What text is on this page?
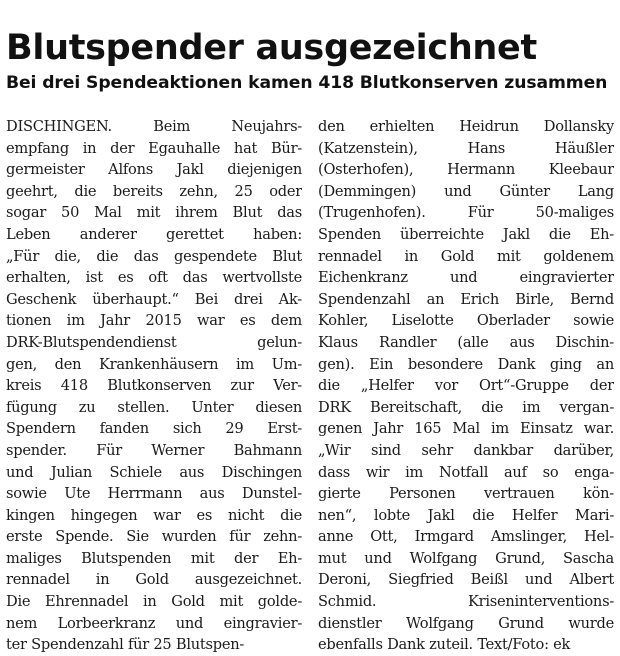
Blutspender ausgezeichnet
Bei drei Spendeaktionen kamen 418 Blutkonserven zusammen
DISCHINGEN. Beim Neujahrs-
empfang in der Egauhalle hat Bür-
germeister Alfons Jakl diejenigen
geehrt, die bereits zehn, 25 oder
sogar 50 Mal mit ihrem Blut das
Leben anderer gerettet haben:
„Für die, die das gespendete Blut
erhalten, ist es oft das wertvollste
Geschenk überhaupt.“ Bei drei Ak-
tionen im Jahr 2015 war es dem
DRK-Blutspendendienst gelun-
gen, den Krankenhäusern im Um-
kreis 418 Blutkonserven zur Ver-
fügung zu stellen. Unter diesen
Spendern fanden sich 29 Erst-
spender. Für Werner Bahmann
und Julian Schiele aus Dischingen
sowie Ute Herrmann aus Dunstel-
kingen hingegen war es nicht die
erste Spende. Sie wurden für zehn-
maliges Blutspenden mit der Eh-
rennadel in Gold ausgezeichnet.
Die Ehrennadel in Gold mit golde-
nem Lorbeerkranz und eingravier-
ter Spendenzahl für 25 Blutspen-
den erhielten Heidrun Dollansky
(Katzenstein), Hans Häußler
(Osterhofen), Hermann Kleebaur
(Demmingen) und Günter Lang
(Trugenhofen). Für 50-maliges
Spenden überreichte Jakl die Eh-
rennadel in Gold mit goldenem
Eichenkranz und eingravierter
Spendenzahl an Erich Birle, Bernd
Kohler, Liselotte Oberlader sowie
Klaus Randler (alle aus Dischin-
gen). Ein besondere Dank ging an
die „Helfer vor Ort“-Gruppe der
DRK Bereitschaft, die im vergan-
genen Jahr 165 Mal im Einsatz war.
„Wir sind sehr dankbar darüber,
dass wir im Notfall auf so enga-
gierte Personen vertrauen kön-
nen“, lobte Jakl die Helfer Mari-
anne Ott, Irmgard Amslinger, Hel-
mut und Wolfgang Grund, Sascha
Deroni, Siegfried Beißl und Albert
Schmid. Kriseninterventions-
dienstler Wolfgang Grund wurde
ebenfalls Dank zuteil. Text/Foto: ek
